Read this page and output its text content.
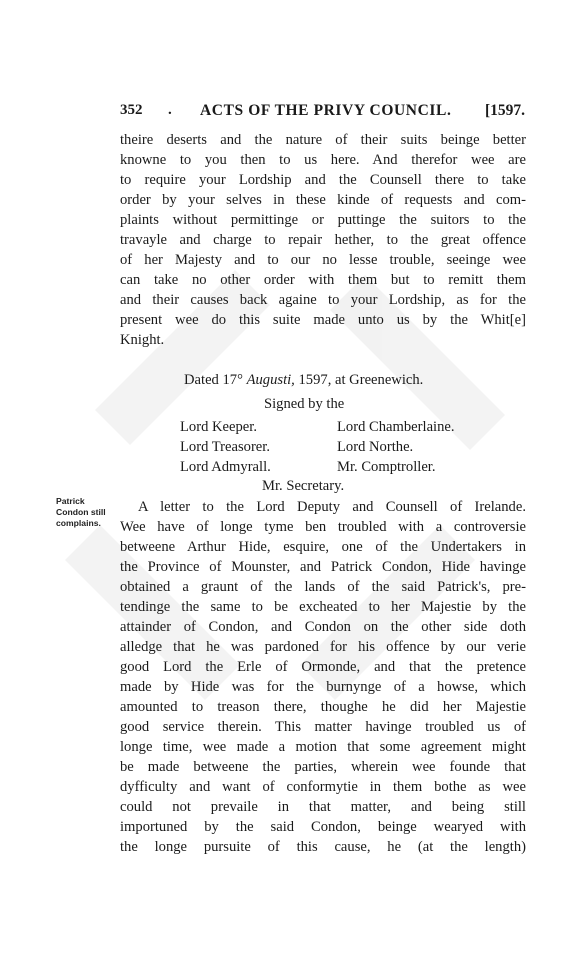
352 . ACTS OF THE PRIVY COUNCIL. [1597.
theire deserts and the nature of their suits beinge better
knowne to you then to us here. And therefor wee are
to require your Lordship and the Counsell there to take
order by your selves in these kinde of requests and com-
plaints without permittinge or puttinge the suitors to the
travayle and charge to repair hether, to the great offence
of her Majesty and to our no lesse trouble, seeinge wee
can take no other order with them but to remitt them
and their causes back againe to your Lordship, as for the
present wee do this suite made unto us by the Whit[e]
Knight.
Dated 17° Augusti, 1597, at Greenewich.
Signed by the
Lord Keeper.
Lord Treasorer.
Lord Admyrall.
Lord Chamberlaine.
Lord Northe.
Mr. Comptroller.
Mr. Secretary.
Patrick
Condon still
complains.
A letter to the Lord Deputy and Counsell of Irelande.
Wee have of longe tyme ben troubled with a controversie
betweene Arthur Hide, esquire, one of the Undertakers in
the Province of Mounster, and Patrick Condon, Hide havinge
obtained a graunt of the lands of the said Patrick's, pre-
tendinge the same to be excheated to her Majestie by the
attainder of Condon, and Condon on the other side doth
alledge that he was pardoned for his offence by our verie
good Lord the Erle of Ormonde, and that the pretence
made by Hide was for the burnynge of a howse, which
amounted to treason there, thoughe he did her Majestie
good service therein. This matter havinge troubled us of
longe time, wee made a motion that some agreement might
be made betweene the parties, wherein wee founde that
dyfficulty and want of conformytie in them bothe as wee
could not prevaile in that matter, and being still
importuned by the said Condon, beinge wearyed with
the longe pursuite of this cause, he (at the length)
